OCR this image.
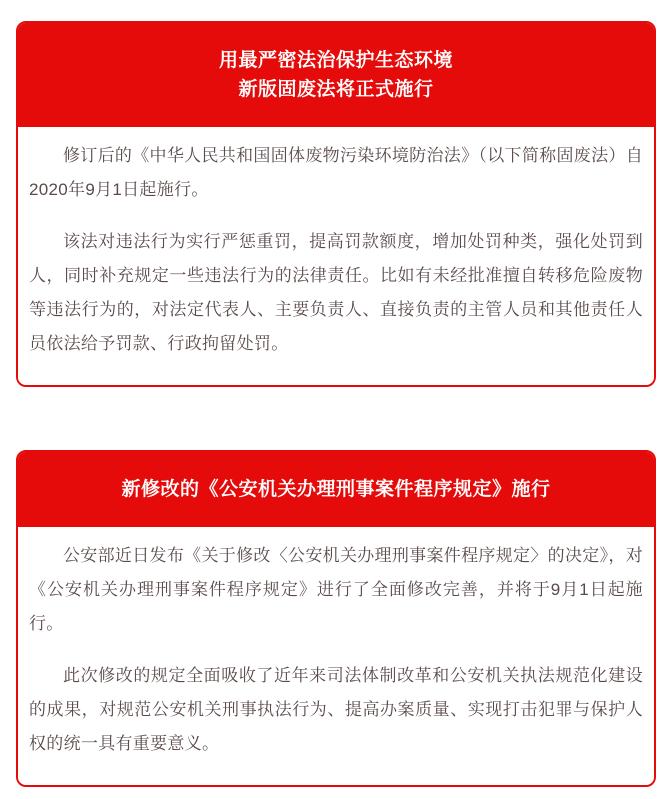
用最严密法治保护生态环境
新版固废法将正式施行

修订后的《中华人民共和国固体废物污染环境防治法》（以下简称固废法）自2020年9月1日起施行。

该法对违法行为实行严惩重罚，提高罚款额度，增加处罚种类，强化处罚到人，同时补充规定一些违法行为的法律责任。比如有未经批准擅自转移危险废物等违法行为的，对法定代表人、主要负责人、直接负责的主管人员和其他责任人员依法给予罚款、行政拘留处罚。

新修改的《公安机关办理刑事案件程序规定》施行

公安部近日发布《关于修改〈公安机关办理刑事案件程序规定〉的决定》，对《公安机关办理刑事案件程序规定》进行了全面修改完善，并将于9月1日起施行。

此次修改的规定全面吸收了近年来司法体制改革和公安机关执法规范化建设的成果，对规范公安机关刑事执法行为、提高办案质量、实现打击犯罪与保护人权的统一具有重要意义。
